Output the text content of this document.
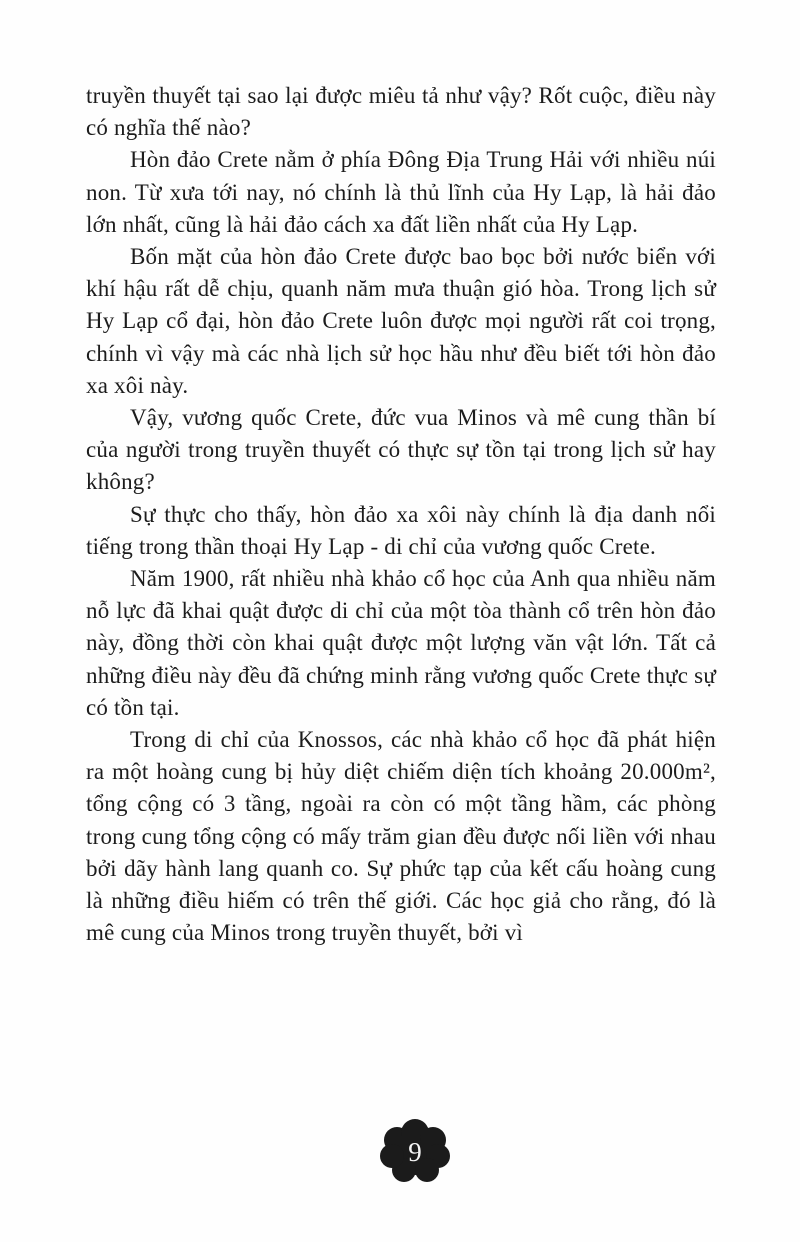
truyền thuyết tại sao lại được miêu tả như vậy? Rốt cuộc, điều này có nghĩa thế nào?

Hòn đảo Crete nằm ở phía Đông Địa Trung Hải với nhiều núi non. Từ xưa tới nay, nó chính là thủ lĩnh của Hy Lạp, là hải đảo lớn nhất, cũng là hải đảo cách xa đất liền nhất của Hy Lạp.

Bốn mặt của hòn đảo Crete được bao bọc bởi nước biển với khí hậu rất dễ chịu, quanh năm mưa thuận gió hòa. Trong lịch sử Hy Lạp cổ đại, hòn đảo Crete luôn được mọi người rất coi trọng, chính vì vậy mà các nhà lịch sử học hầu như đều biết tới hòn đảo xa xôi này.

Vậy, vương quốc Crete, đức vua Minos và mê cung thần bí của người trong truyền thuyết có thực sự tồn tại trong lịch sử hay không?

Sự thực cho thấy, hòn đảo xa xôi này chính là địa danh nổi tiếng trong thần thoại Hy Lạp - di chỉ của vương quốc Crete.

Năm 1900, rất nhiều nhà khảo cổ học của Anh qua nhiều năm nỗ lực đã khai quật được di chỉ của một tòa thành cổ trên hòn đảo này, đồng thời còn khai quật được một lượng văn vật lớn. Tất cả những điều này đều đã chứng minh rằng vương quốc Crete thực sự có tồn tại.

Trong di chỉ của Knossos, các nhà khảo cổ học đã phát hiện ra một hoàng cung bị hủy diệt chiếm diện tích khoảng 20.000m², tổng cộng có 3 tầng, ngoài ra còn có một tầng hầm, các phòng trong cung tổng cộng có mấy trăm gian đều được nối liền với nhau bởi dãy hành lang quanh co. Sự phức tạp của kết cấu hoàng cung là những điều hiếm có trên thế giới. Các học giả cho rằng, đó là mê cung của Minos trong truyền thuyết, bởi vì

9
